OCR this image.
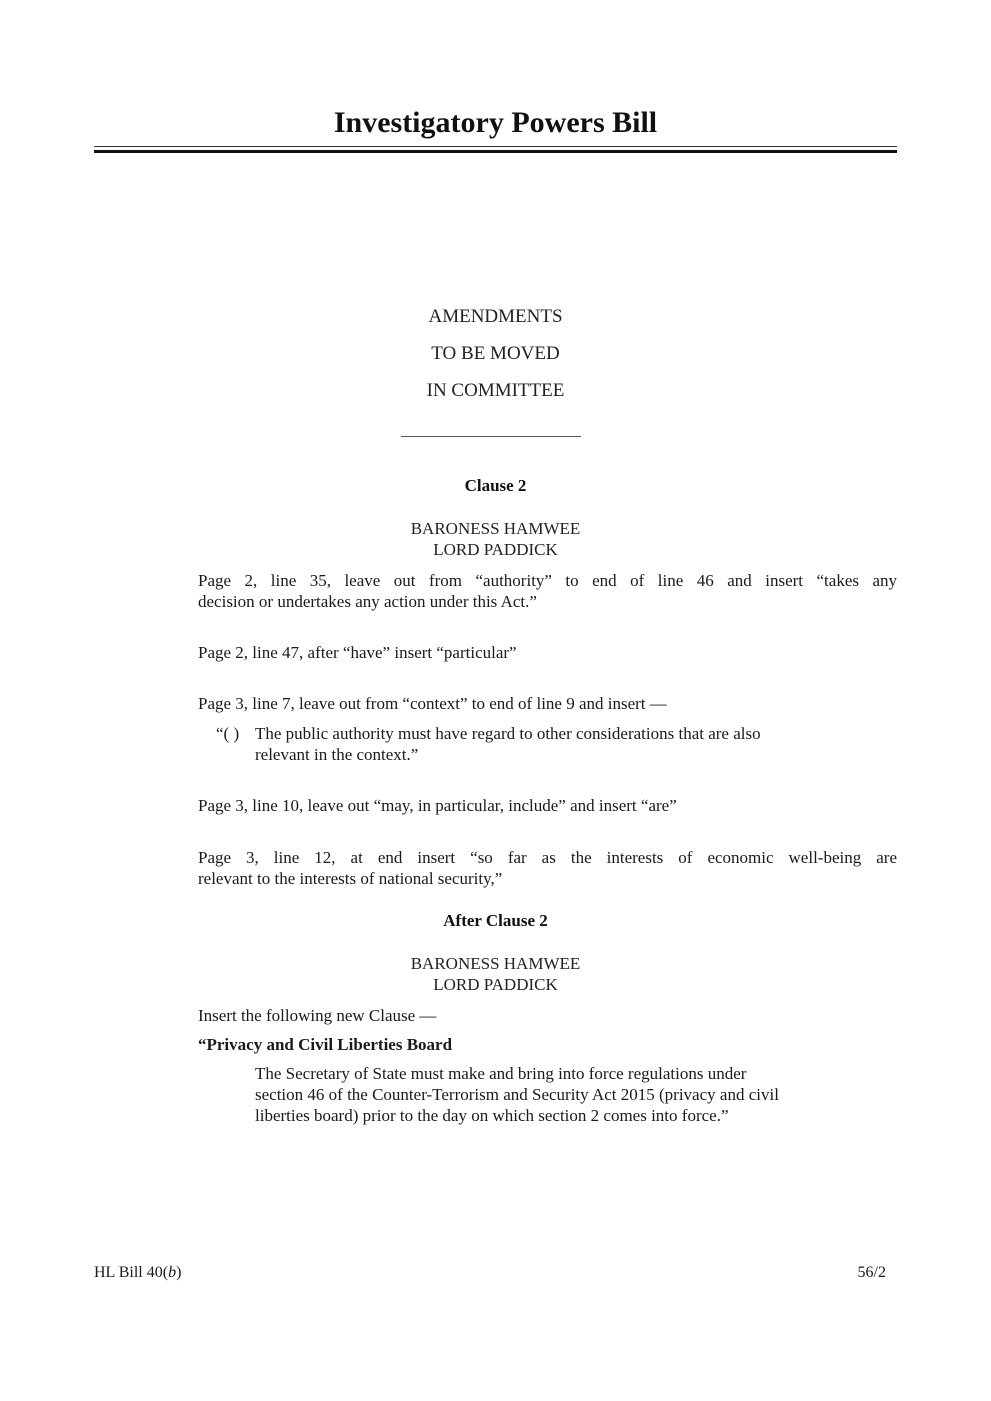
Investigatory Powers Bill
AMENDMENTS
TO BE MOVED
IN COMMITTEE
Clause 2
BARONESS HAMWEE
LORD PADDICK
Page 2, line 35, leave out from “authority” to end of line 46 and insert “takes any
decision or undertakes any action under this Act.”
Page 2, line 47, after “have” insert “particular”
Page 3, line 7, leave out from “context” to end of line 9 and insert —
“( ) The public authority must have regard to other considerations that are also
relevant in the context.”
Page 3, line 10, leave out “may, in particular, include” and insert “are”
Page 3, line 12, at end insert “so far as the interests of economic well-being are
relevant to the interests of national security,”
After Clause 2
BARONESS HAMWEE
LORD PADDICK
Insert the following new Clause —
“Privacy and Civil Liberties Board
The Secretary of State must make and bring into force regulations under
section 46 of the Counter-Terrorism and Security Act 2015 (privacy and civil
liberties board) prior to the day on which section 2 comes into force.”
HL Bill 40(b)	56/2
